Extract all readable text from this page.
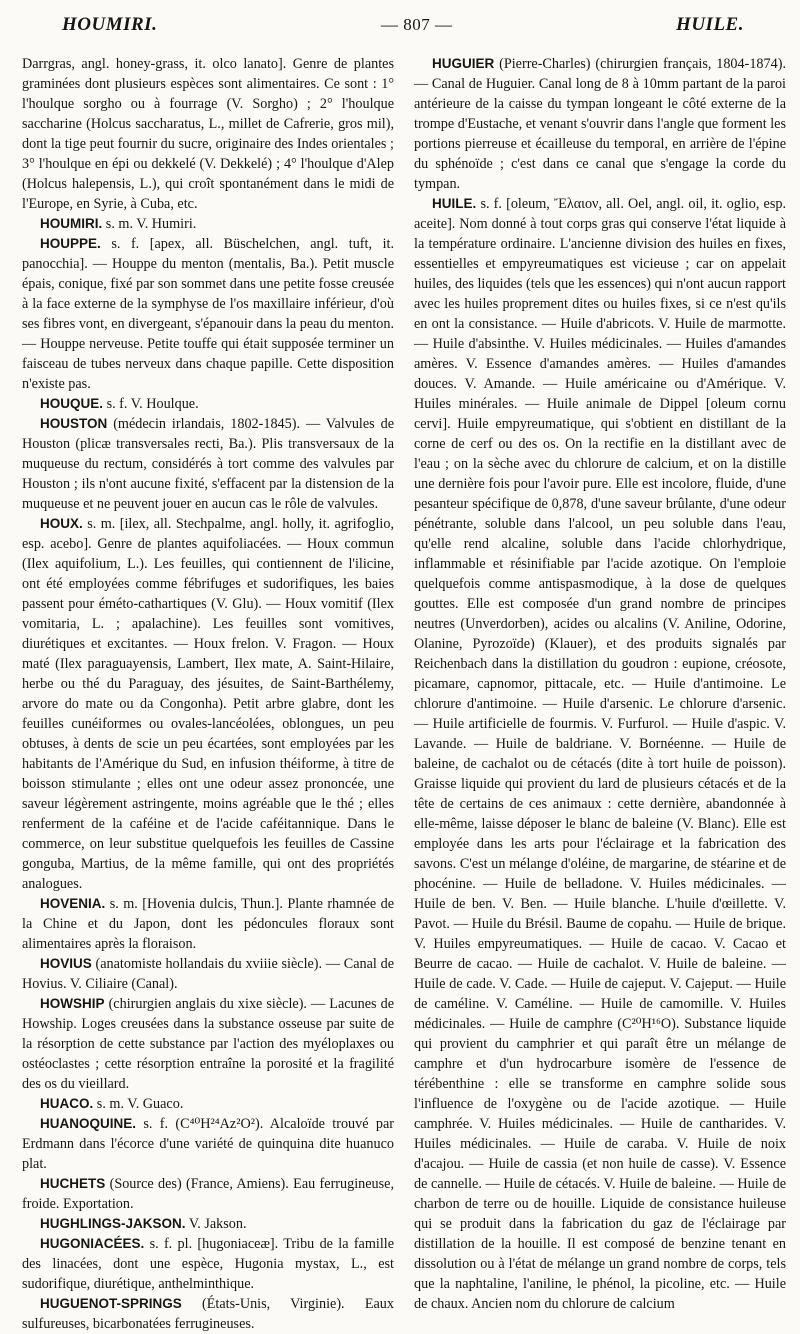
HOUMIRI.	— 807 —	HUILE.

Darrgras, angl. honey-grass, it. olco lanato]. Genre de plantes graminées dont plusieurs espèces sont alimentaires. Ce sont : 1° l'houlque sorgho ou à fourrage (V. Sorgho) ; 2° l'houlque saccharine (Holcus saccharatus, L., millet de Cafrerie, gros mil), dont la tige peut fournir du sucre, originaire des Indes orientales ; 3° l'houlque en épi ou dekkelé (V. Dekkelé) ; 4° l'houlque d'Alep (Holcus halepensis, L.), qui croît spontanément dans le midi de l'Europe, en Syrie, à Cuba, etc.

HOUMIRI. s. m. V. Humiri.

HOUPPE. s. f. [apex, all. Büschelchen, angl. tuft, it. panocchia]. — Houppe du menton (mentalis, Ba.). Petit muscle épais, conique, fixé par son sommet dans une petite fosse creusée à la face externe de la symphyse de l'os maxillaire inférieur, d'où ses fibres vont, en divergeant, s'épanouir dans la peau du menton. — Houppe nerveuse. Petite touffe qui était supposée terminer un faisceau de tubes nerveux dans chaque papille. Cette disposition n'existe pas.

HOUQUE. s. f. V. Houlque.

HOUSTON (médecin irlandais, 1802-1845). — Valvules de Houston (plicæ transversales recti, Ba.). Plis transversaux de la muqueuse du rectum, considérés à tort comme des valvules par Houston ; ils n'ont aucune fixité, s'effacent par la distension de la muqueuse et ne peuvent jouer en aucun cas le rôle de valvules.

HOUX. s. m. [ilex, all. Stechpalme, angl. holly, it. agrifoglio, esp. acebo]. Genre de plantes aquifoliacées. — Houx commun (Ilex aquifolium, L.). Les feuilles, qui contiennent de l'ilicine, ont été employées comme fébrifuges et sudorifiques, les baies passent pour éméto-cathartiques (V. Glu). — Houx vomitif (Ilex vomitaria, L. ; apalachine). Les feuilles sont vomitives, diurétiques et excitantes. — Houx frelon. V. Fragon. — Houx maté (Ilex paraguayensis, Lambert, Ilex mate, A. Saint-Hilaire, herbe ou thé du Paraguay, des jésuites, de Saint-Barthélemy, arvore do mate ou da Congonha). Petit arbre glabre, dont les feuilles cunéiformes ou ovales-lancéolées, oblongues, un peu obtuses, à dents de scie un peu écartées, sont employées par les habitants de l'Amérique du Sud, en infusion théiforme, à titre de boisson stimulante ; elles ont une odeur assez prononcée, une saveur légèrement astringente, moins agréable que le thé ; elles renferment de la caféine et de l'acide caféitannique. Dans le commerce, on leur substitue quelquefois les feuilles de Cassine gonguba, Martius, de la même famille, qui ont des propriétés analogues.

HOVENIA. s. m. [Hovenia dulcis, Thun.]. Plante rhamnée de la Chine et du Japon, dont les pédoncules floraux sont alimentaires après la floraison.

HOVIUS (anatomiste hollandais du xviiie siècle). — Canal de Hovius. V. Ciliaire (Canal).

HOWSHIP (chirurgien anglais du xixe siècle). — Lacunes de Howship. Loges creusées dans la substance osseuse par suite de la résorption de cette substance par l'action des myéloplaxes ou ostéoclastes ; cette résorption entraîne la porosité et la fragilité des os du vieillard.

HUACO. s. m. V. Guaco.

HUANOQUINE. s. f. (C⁴⁰H²⁴Az²O²). Alcaloïde trouvé par Erdmann dans l'écorce d'une variété de quinquina dite huanuco plat.

HUCHETS (Source des) (France, Amiens). Eau ferrugineuse, froide. Exportation.

HUGHLINGS-JAKSON. V. Jakson.

HUGONIACÉES. s. f. pl. [hugoniaceæ]. Tribu de la famille des linacées, dont une espèce, Hugonia mystax, L., est sudorifique, diurétique, anthelminthique.

HUGUENOT-SPRINGS (États-Unis, Virginie). Eaux sulfureuses, bicarbonatées ferrugineuses.

HUGUIER (Pierre-Charles) (chirurgien français, 1804-1874). — Canal de Huguier. Canal long de 8 à 10mm partant de la paroi antérieure de la caisse du tympan longeant le côté externe de la trompe d'Eustache, et venant s'ouvrir dans l'angle que forment les portions pierreuse et écailleuse du temporal, en arrière de l'épine du sphénoïde ; c'est dans ce canal que s'engage la corde du tympan.

HUILE. s. f. [oleum, Ἔλαιον, all. Oel, angl. oil, it. oglio, esp. aceite]. Nom donné à tout corps gras qui conserve l'état liquide à la température ordinaire. L'ancienne division des huiles en fixes, essentielles et empyreumatiques est vicieuse ; car on appelait huiles, des liquides (tels que les essences) qui n'ont aucun rapport avec les huiles proprement dites ou huiles fixes, si ce n'est qu'ils en ont la consistance. — Huile d'abricots. V. Huile de marmotte. — Huile d'absinthe. V. Huiles médicinales. — Huiles d'amandes amères. V. Essence d'amandes amères. — Huiles d'amandes douces. V. Amande. — Huile américaine ou d'Amérique. V. Huiles minérales. — Huile animale de Dippel [oleum cornu cervi]. Huile empyreumatique, qui s'obtient en distillant de la corne de cerf ou des os. On la rectifie en la distillant avec de l'eau ; on la sèche avec du chlorure de calcium, et on la distille une dernière fois pour l'avoir pure. Elle est incolore, fluide, d'une pesanteur spécifique de 0,878, d'une saveur brûlante, d'une odeur pénétrante, soluble dans l'alcool, un peu soluble dans l'eau, qu'elle rend alcaline, soluble dans l'acide chlorhydrique, inflammable et résinifiable par l'acide azotique. On l'emploie quelquefois comme antispasmodique, à la dose de quelques gouttes. Elle est composée d'un grand nombre de principes neutres (Unverdorben), acides ou alcalins (V. Aniline, Odorine, Olanine, Pyrozoïde) (Klauer), et des produits signalés par Reichenbach dans la distillation du goudron : eupione, créosote, picamare, capnomor, pittacale, etc. — Huile d'antimoine. Le chlorure d'antimoine. — Huile d'arsenic. Le chlorure d'arsenic. — Huile artificielle de fourmis. V. Furfurol. — Huile d'aspic. V. Lavande. — Huile de baldriane. V. Bornéenne. — Huile de baleine, de cachalot ou de cétacés (dite à tort huile de poisson). Graisse liquide qui provient du lard de plusieurs cétacés et de la tête de certains de ces animaux : cette dernière, abandonnée à elle-même, laisse déposer le blanc de baleine (V. Blanc). Elle est employée dans les arts pour l'éclairage et la fabrication des savons. C'est un mélange d'oléine, de margarine, de stéarine et de phocénine. — Huile de belladone. V. Huiles médicinales. — Huile de ben. V. Ben. — Huile blanche. L'huile d'œillette. V. Pavot. — Huile du Brésil. Baume de copahu. — Huile de brique. V. Huiles empyreumatiques. — Huile de cacao. V. Cacao et Beurre de cacao. — Huile de cachalot. V. Huile de baleine. — Huile de cade. V. Cade. — Huile de cajeput. V. Cajeput. — Huile de caméline. V. Caméline. — Huile de camomille. V. Huiles médicinales. — Huile de camphre (C²⁰H¹⁶O). Substance liquide qui provient du camphrier et qui paraît être un mélange de camphre et d'un hydrocarbure isomère de l'essence de térébenthine : elle se transforme en camphre solide sous l'influence de l'oxygène ou de l'acide azotique. — Huile camphrée. V. Huiles médicinales. — Huile de cantharides. V. Huiles médicinales. — Huile de caraba. V. Huile de noix d'acajou. — Huile de cassia (et non huile de casse). V. Essence de cannelle. — Huile de cétacés. V. Huile de baleine. — Huile de charbon de terre ou de houille. Liquide de consistance huileuse qui se produit dans la fabrication du gaz de l'éclairage par distillation de la houille. Il est composé de benzine tenant en dissolution ou à l'état de mélange un grand nombre de corps, tels que la naphtaline, l'aniline, le phénol, la picoline, etc. — Huile de chaux. Ancien nom du chlorure de calcium
